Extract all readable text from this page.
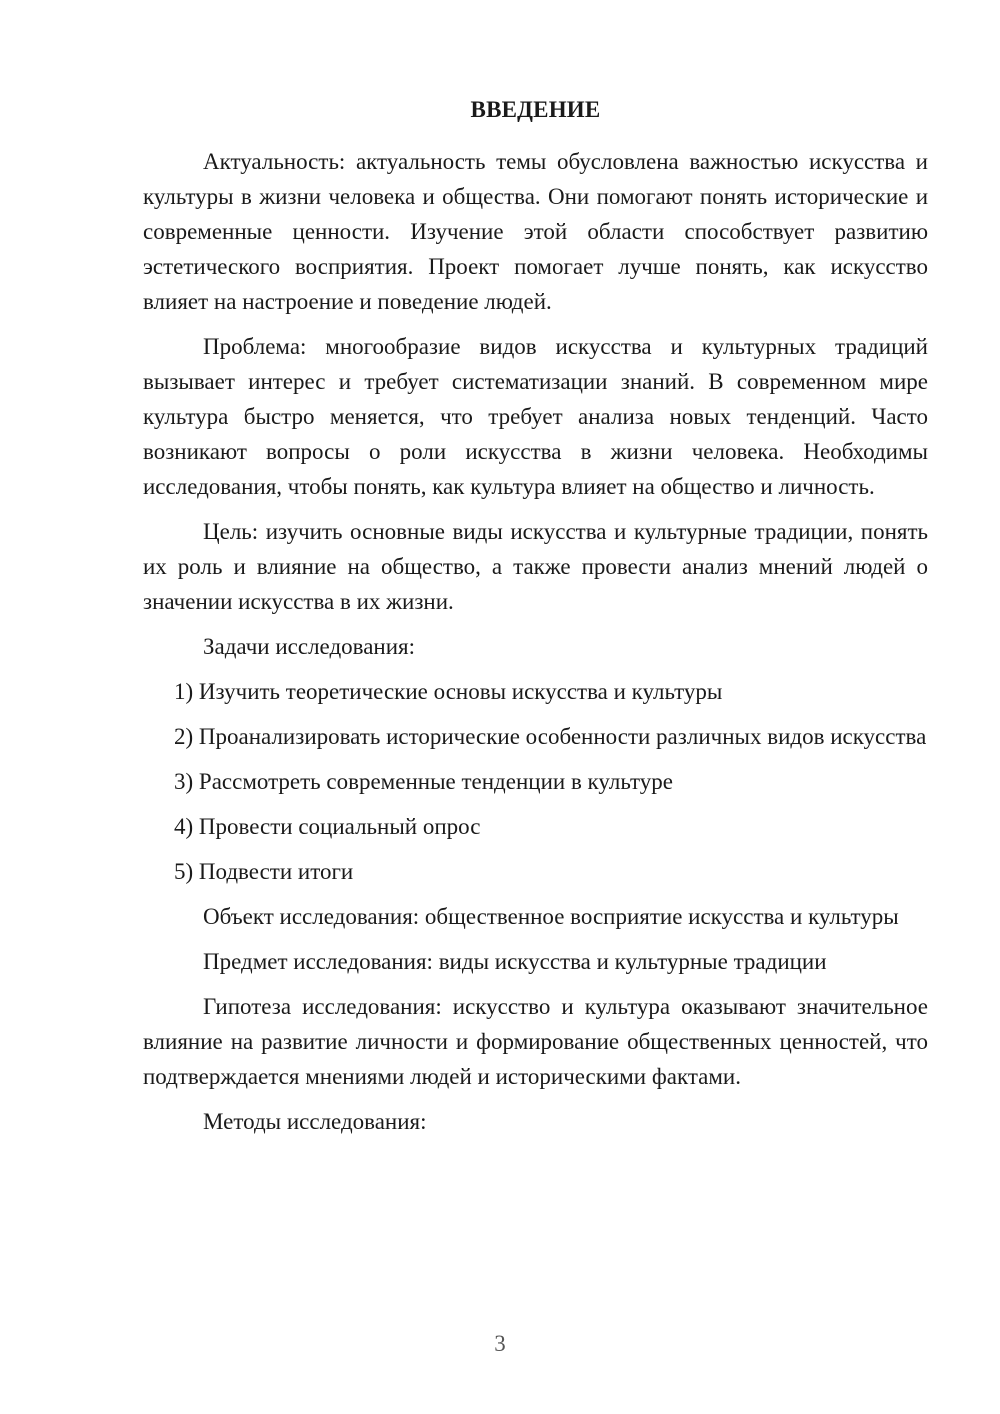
ВВЕДЕНИЕ

Актуальность: актуальность темы обусловлена важностью искусства и культуры в жизни человека и общества. Они помогают понять исторические и современные ценности. Изучение этой области способствует развитию эстетического восприятия. Проект помогает лучше понять, как искусство влияет на настроение и поведение людей.

Проблема: многообразие видов искусства и культурных традиций вызывает интерес и требует систематизации знаний. В современном мире культура быстро меняется, что требует анализа новых тенденций. Часто возникают вопросы о роли искусства в жизни человека. Необходимы исследования, чтобы понять, как культура влияет на общество и личность.

Цель: изучить основные виды искусства и культурные традиции, понять их роль и влияние на общество, а также провести анализ мнений людей о значении искусства в их жизни.

Задачи исследования:

1) Изучить теоретические основы искусства и культуры

2) Проанализировать исторические особенности различных видов искусства

3) Рассмотреть современные тенденции в культуре

4) Провести социальный опрос

5) Подвести итоги

Объект исследования: общественное восприятие искусства и культуры

Предмет исследования: виды искусства и культурные традиции

Гипотеза исследования: искусство и культура оказывают значительное влияние на развитие личности и формирование общественных ценностей, что подтверждается мнениями людей и историческими фактами.

Методы исследования:

3
